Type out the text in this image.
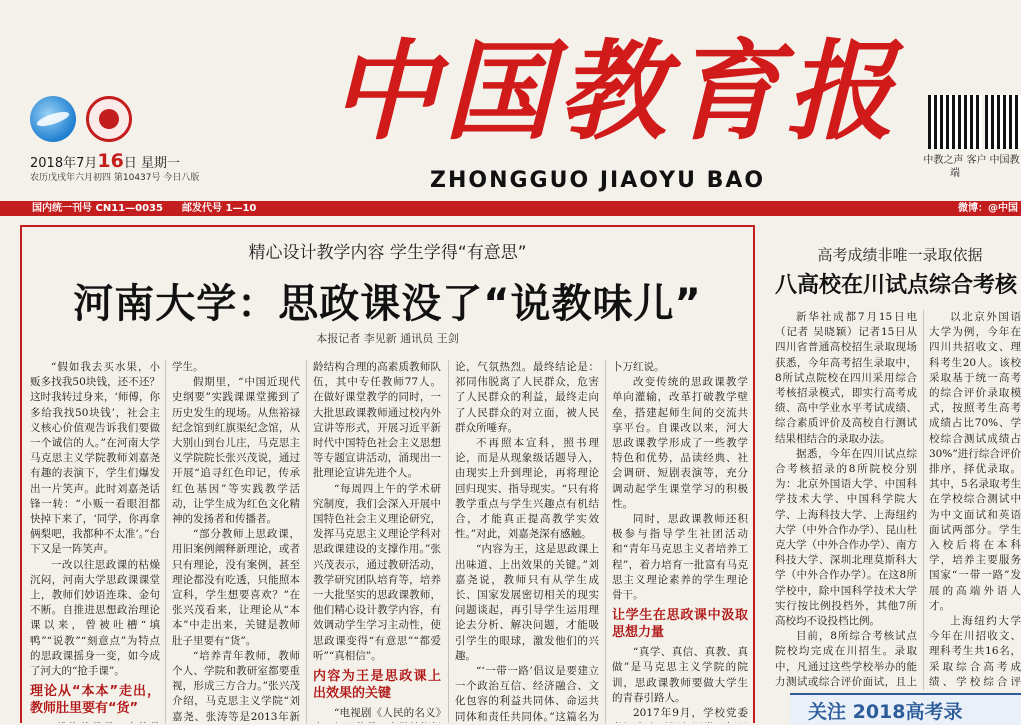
2018年7月16日 星期一
农历戊戌年六月初四 第10437号 今日八版
中国教育报
ZHONGGUO JIAOYU BAO
中教之声 客户端
中国教
国内统一刊号 CN11—0035 邮发代号 1—10	微博：@中国
精心设计教学内容 学生学得“有意思”
河南大学：思政课没了“说教味儿”
本报记者 李见新 通讯员 王剑

“假如我去买水果，小贩多找我50块钱，还不还？这时我转过身来，‘师傅，你多给我找50块钱’，社会主义核心价值观告诉我们要做一个诚信的人。”在河南大学马克思主义学院教师刘嘉尧有趣的表演下，学生们爆发出一片笑声。此时刘嘉尧话锋一转：“小贩一看眼泪都快掉下来了，‘同学，你再拿俩梨吧，我都种不太准’。”台下又是一阵笑声。

一改以往思政课的枯燥沉闷，河南大学思政课课堂上，教师们妙语连珠、金句不断。自推进思想政治理论课以来，曾被吐槽“填鸭”“说教”“刻意点”为特点的思政课摇身一变，如今成了河大的“抢手课”。

理论从“本本”走出，教师肚里要有“货”

学生。

假期里，“中国近现代史纲要”实践课课堂搬到了历史发生的现场。从焦裕禄纪念馆到红旗渠纪念馆，从大别山到台儿庄，马克思主义学院院长张兴茂说，通过开展“追寻红色印记，传承红色基因”等实践教学活动，让学生成为红色文化精神的发扬者和传播者。

“部分教师上思政课，用旧案例阐释新理论，或者只有理论，没有案例，甚至理论都没有吃透，只能照本宣科，学生想要喜欢？”在张兴茂看来，让理论从“本本”中走出来，关键是教师肚子里要有“货”。

“培养青年教师，教师个人、学院和教研室都要重视，形成三方合力。”张兴茂介绍，马克思主义学院“刘嘉尧、张涛等是2013年新

龄结构合理的高素质教师队伍，其中专任教师77人。在做好课堂教学的同时，一大批思政课教师通过校内外宣讲等形式，开展习近平新时代中国特色社会主义思想等专题宣讲活动，涌现出一批理论宣讲先进个人。

“每周四上午的学术研究制度，我们会深入开展中国特色社会主义理论研究，发挥马克思主义理论学科对思政课建设的支撑作用。”张兴茂表示，通过教研活动，教学研究团队培育等，培养一大批坚实的思政课教师，他们精心设计教学内容，有效调动学生学习主动性，使思政课变得“有意思”“都爱听”“真相信”。

内容为王是思政课上出效果的关键

“电视剧《人民的名义》

论，气氛热烈。最终结论是：祁同伟脱离了人民群众，危害了人民群众的利益，最终走向了人民群众的对立面，被人民群众所唾弃。

不再照本宣科，照书理论，而是从现象级话题导入，由现实上升到理论，再将理论回归现实、指导现实。“只有将教学重点与学生兴趣点有机结合，才能真正提高教学实效性。”对此，刘嘉尧深有感触。

“内容为王，这是思政课上出味道、上出效果的关键。”刘嘉尧说，教师只有从学生成长、国家发展密切相关的现实问题谈起，再引导学生运用理论去分析、解决问题，才能吸引学生的眼球，激发他们的兴趣。

“‘一带一路’倡议是要建立一个政治互信、经济融合、文化包容的利益共同体、命运共同体和责任共同体。”这篇名为

卜万红说。

改变传统的思政课教学单向灌输，改革打破教学壁垒，搭建起师生间的交流共享平台。自课改以来，河大思政课教学形成了一些教学特色和优势，品读经典、社会调研、短剧表演等，充分调动起学生课堂学习的积极性。

同时，思政课教师还积极参与指导学生社团活动和“青年马克思主义者培养工程”，着力培育一批富有马克思主义理论素养的学生理论骨干。

让学生在思政课中汲取思想力量

“真学、真信、真教、真做”是马克思主义学院的院训，思政课教师要做大学生的青春引路人。

2017年9月，学校党委

高考成绩非唯一录取依据
八高校在川试点综合考核

新华社成都7月15日电（记者 吴晓颖）记者15日从四川省普通高校招生录取现场获悉，今年高考招生录取中，8所试点院校在四川采用综合考核招录模式，即实行高考成绩、高中学业水平考试成绩、综合素质评价及高校自行测试结果相结合的录取办法。

据悉，今年在四川试点综合考核招录的8所院校分别为：北京外国语大学、中国科学技术大学、中国科学院大学、上海科技大学、上海纽约大学（中外合作办学）、昆山杜克大学（中外合作办学）、南方科技大学、深圳北理莫斯科大学（中外合作办学）。在这8所学校中，除中国科学技术大学实行按比例投档外，其他7所高校均不设投档比例。

目前，8所综合考核试点院校均完成在川招生。录取中，凡通过这些学校举办的能力测试或综合评价面试，且上

以北京外国语大学为例，今年在四川共招收文、理科考生20人。该校采取基于统一高考的综合评价录取模式，按照考生高考成绩占比70%、学校综合测试成绩占30%”进行综合评价排序，择优录取。其中，5名录取考生在学校综合测试中为中文面试和英语面试两部分。学生入校后将在本科学，培养主要服务国家“一带一路”发展的高端外语人才。

上海纽约大学今年在川招收文、理科考生共16名，采取综合高考成绩、学校综合评

关注 2018高考录
